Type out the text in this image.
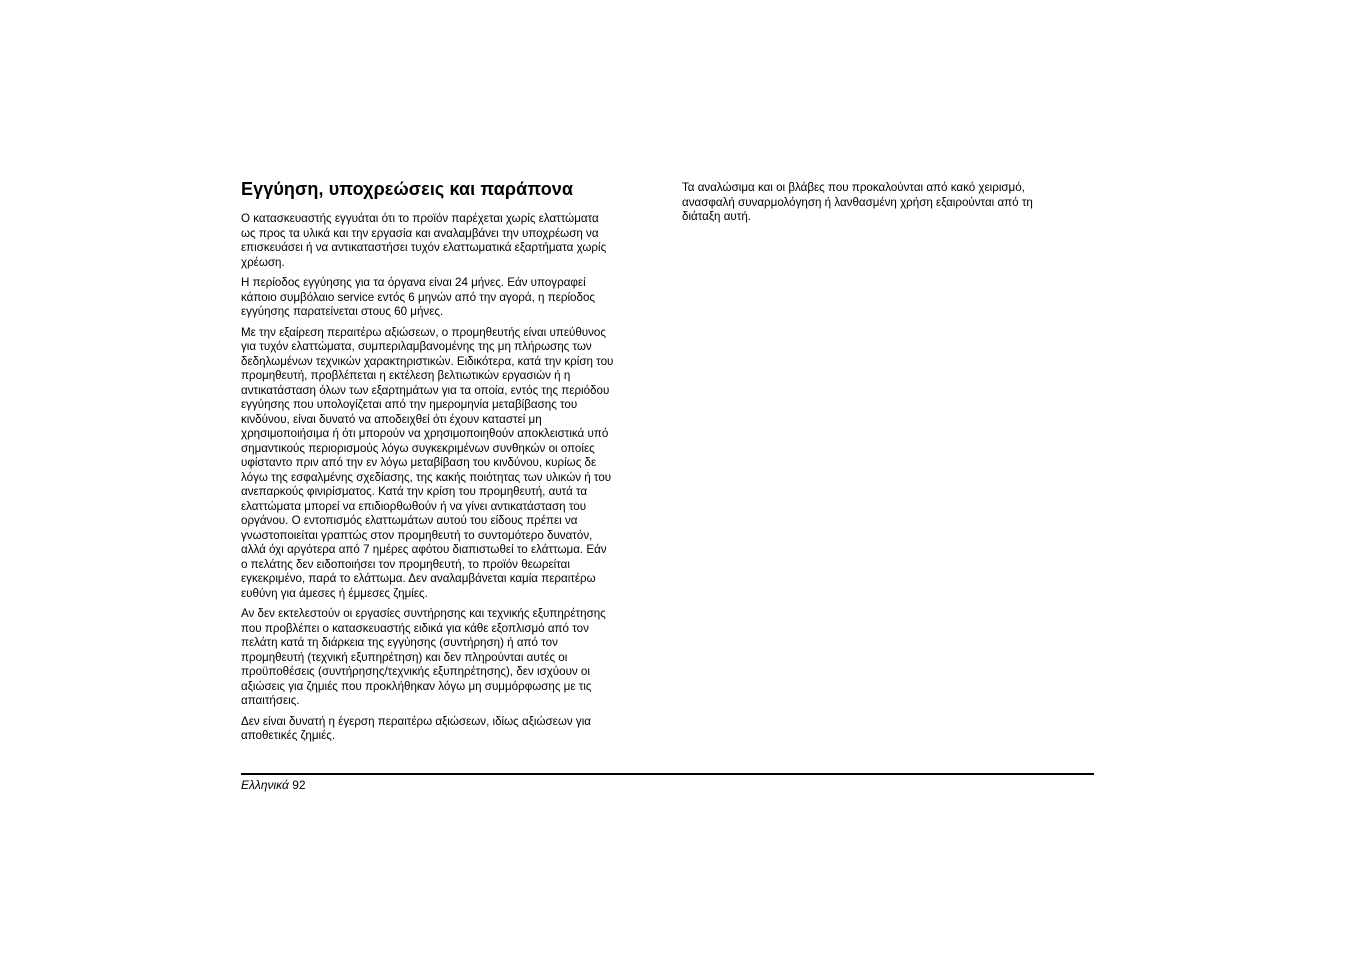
Εγγύηση, υποχρεώσεις και παράπονα

Ο κατασκευαστής εγγυάται ότι το προϊόν παρέχεται χωρίς ελαττώματα
ως προς τα υλικά και την εργασία και αναλαμβάνει την υποχρέωση να
επισκευάσει ή να αντικαταστήσει τυχόν ελαττωματικά εξαρτήματα χωρίς
χρέωση.

Η περίοδος εγγύησης για τα όργανα είναι 24 μήνες. Εάν υπογραφεί
κάποιο συμβόλαιο service εντός 6 μηνών από την αγορά, η περίοδος
εγγύησης παρατείνεται στους 60 μήνες.

Με την εξαίρεση περαιτέρω αξιώσεων, ο προμηθευτής είναι υπεύθυνος
για τυχόν ελαττώματα, συμπεριλαμβανομένης της μη πλήρωσης των
δεδηλωμένων τεχνικών χαρακτηριστικών. Ειδικότερα, κατά την κρίση του
προμηθευτή, προβλέπεται η εκτέλεση βελτιωτικών εργασιών ή η
αντικατάσταση όλων των εξαρτημάτων για τα οποία, εντός της περιόδου
εγγύησης που υπολογίζεται από την ημερομηνία μεταβίβασης του
κινδύνου, είναι δυνατό να αποδειχθεί ότι έχουν καταστεί μη
χρησιμοποιήσιμα ή ότι μπορούν να χρησιμοποιηθούν αποκλειστικά υπό
σημαντικούς περιορισμούς λόγω συγκεκριμένων συνθηκών οι οποίες
υφίσταντο πριν από την εν λόγω μεταβίβαση του κινδύνου, κυρίως δε
λόγω της εσφαλμένης σχεδίασης, της κακής ποιότητας των υλικών ή του
ανεπαρκούς φινιρίσματος. Κατά την κρίση του προμηθευτή, αυτά τα
ελαττώματα μπορεί να επιδιορθωθούν ή να γίνει αντικατάσταση του
οργάνου. Ο εντοπισμός ελαττωμάτων αυτού του είδους πρέπει να
γνωστοποιείται γραπτώς στον προμηθευτή το συντομότερο δυνατόν,
αλλά όχι αργότερα από 7 ημέρες αφότου διαπιστωθεί το ελάττωμα. Εάν
ο πελάτης δεν ειδοποιήσει τον προμηθευτή, το προϊόν θεωρείται
εγκεκριμένο, παρά το ελάττωμα. Δεν αναλαμβάνεται καμία περαιτέρω
ευθύνη για άμεσες ή έμμεσες ζημίες.

Αν δεν εκτελεστούν οι εργασίες συντήρησης και τεχνικής εξυπηρέτησης
που προβλέπει ο κατασκευαστής ειδικά για κάθε εξοπλισμό από τον
πελάτη κατά τη διάρκεια της εγγύησης (συντήρηση) ή από τον
προμηθευτή (τεχνική εξυπηρέτηση) και δεν πληρούνται αυτές οι
προϋποθέσεις (συντήρησης/τεχνικής εξυπηρέτησης), δεν ισχύουν οι
αξιώσεις για ζημιές που προκλήθηκαν λόγω μη συμμόρφωσης με τις
απαιτήσεις.

Δεν είναι δυνατή η έγερση περαιτέρω αξιώσεων, ιδίως αξιώσεων για
αποθετικές ζημιές.

Τα αναλώσιμα και οι βλάβες που προκαλούνται από κακό χειρισμό,
ανασφαλή συναρμολόγηση ή λανθασμένη χρήση εξαιρούνται από τη
διάταξη αυτή.

Ελληνικά 92
